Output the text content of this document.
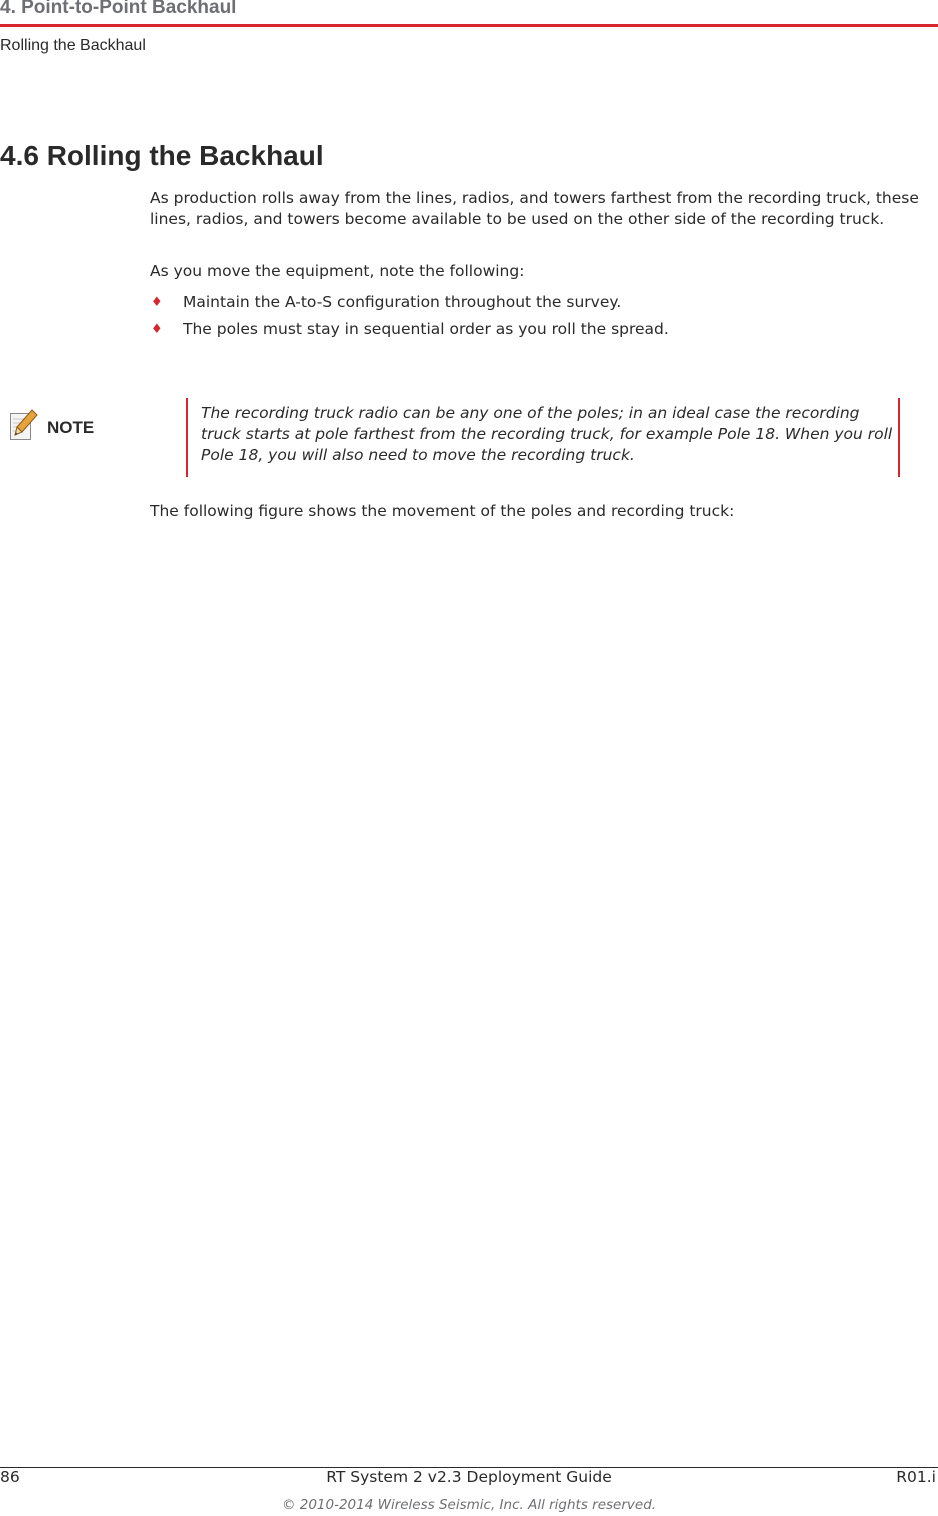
4. Point-to-Point Backhaul
Rolling the Backhaul
4.6 Rolling the Backhaul

As production rolls away from the lines, radios, and towers farthest from the recording truck, these lines, radios, and towers become available to be used on the other side of the recording truck.

As you move the equipment, note the following:

♦ Maintain the A-to-S configuration throughout the survey.
♦ The poles must stay in sequential order as you roll the spread.
NOTE

The recording truck radio can be any one of the poles; in an ideal case the recording truck starts at pole farthest from the recording truck, for example Pole 18. When you roll Pole 18, you will also need to move the recording truck.

The following figure shows the movement of the poles and recording truck:

86	RT System 2 v2.3 Deployment Guide	R01.i
© 2010-2014 Wireless Seismic, Inc. All rights reserved.
